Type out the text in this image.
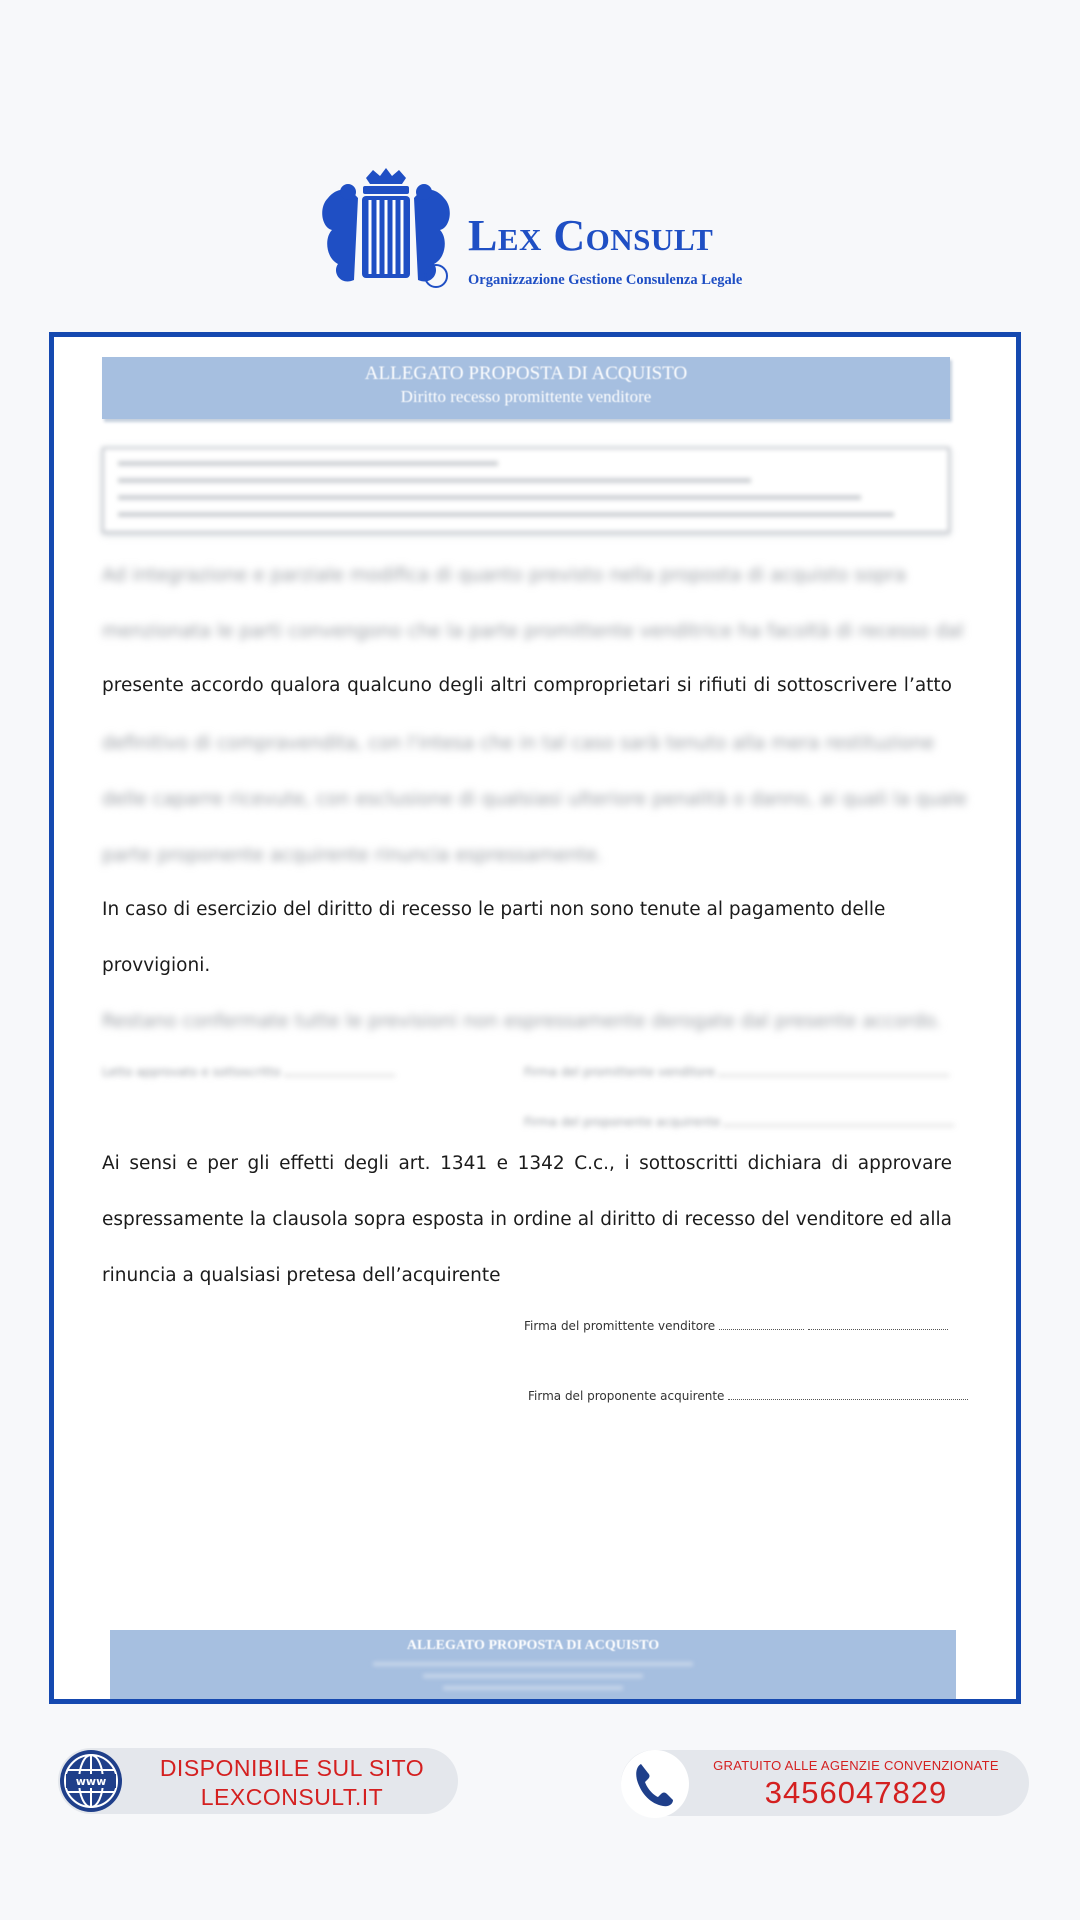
Lex Consult
Organizzazione Gestione Consulenza Legale
ALLEGATO PROPOSTA DI ACQUISTO
Diritto recesso promittente venditore
Ad integrazione e parziale modifica di quanto previsto nella proposta di acquisto sopra
menzionata le parti convengono che la parte promittente venditrice ha facoltà di recesso dal
presente accordo qualora qualcuno degli altri comproprietari si rifiuti di sottoscrivere l’atto
definitivo di compravendita, con l'intesa che in tal caso sarà tenuto alla mera restituzione
delle caparre ricevute, con esclusione di qualsiasi ulteriore penalità o danno, ai quali la quale
parte proponente acquirente rinuncia espressamente.
In caso di esercizio del diritto di recesso le parti non sono tenute al pagamento delle
provvigioni.
Restano confermate tutte le previsioni non espressamente derogate dal presente accordo.
Letto approvato e sottoscritto	Firma del promittente venditore
Firma del proponente acquirente
Ai sensi e per gli effetti degli art. 1341 e 1342 C.c., i sottoscritti dichiara di approvare
espressamente la clausola sopra esposta in ordine al diritto di recesso del venditore ed alla
rinuncia a qualsiasi pretesa dell’acquirente
Firma del promittente venditore
Firma del proponente acquirente
ALLEGATO PROPOSTA DI ACQUISTO
www
DISPONIBILE SUL SITO
LEXCONSULT.IT
GRATUITO ALLE AGENZIE CONVENZIONATE
3456047829
